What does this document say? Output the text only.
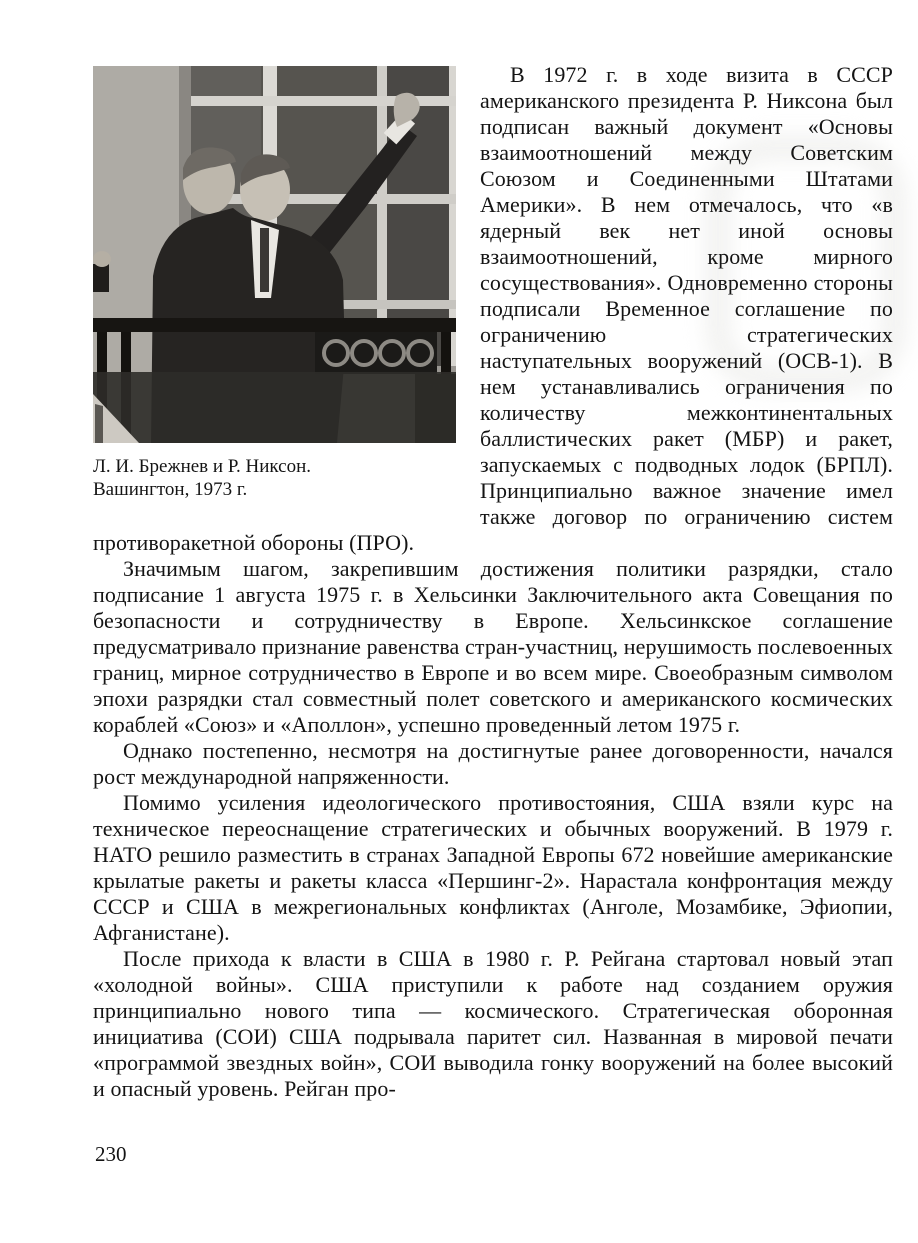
Л. И. Брежнев и Р. Никсон.
Вашингтон, 1973 г.

В 1972 г. в ходе визита в СССР американского президента Р. Никсона был подписан важный документ «Основы взаимоотношений между Советским Союзом и Соединенными Штатами Америки». В нем отмечалось, что «в ядерный век нет иной основы взаимоотношений, кроме мирного сосуществования». Одновременно стороны подписали Временное соглашение по ограничению стратегических наступательных вооружений (ОСВ-1). В нем устанавливались ограничения по количеству межконтинентальных баллистических ракет (МБР) и ракет, запускаемых с подводных лодок (БРПЛ). Принципиально важное значение имел также договор по ограничению систем противоракетной обороны (ПРО).

Значимым шагом, закрепившим достижения политики разрядки, стало подписание 1 августа 1975 г. в Хельсинки Заключительного акта Совещания по безопасности и сотрудничеству в Европе. Хельсинкское соглашение предусматривало признание равенства стран-участниц, нерушимость послевоенных границ, мирное сотрудничество в Европе и во всем мире. Своеобразным символом эпохи разрядки стал совместный полет советского и американского космических кораблей «Союз» и «Аполлон», успешно проведенный летом 1975 г.

Однако постепенно, несмотря на достигнутые ранее договоренности, начался рост международной напряженности.

Помимо усиления идеологического противостояния, США взяли курс на техническое переоснащение стратегических и обычных вооружений. В 1979 г. НАТО решило разместить в странах Западной Европы 672 новейшие американские крылатые ракеты и ракеты класса «Першинг-2». Нарастала конфронтация между СССР и США в межрегиональных конфликтах (Анголе, Мозамбике, Эфиопии, Афганистане).

После прихода к власти в США в 1980 г. Р. Рейгана стартовал новый этап «холодной войны». США приступили к работе над созданием оружия принципиально нового типа — космического. Стратегическая оборонная инициатива (СОИ) США подрывала паритет сил. Названная в мировой печати «программой звездных войн», СОИ выводила гонку вооружений на более высокий и опасный уровень. Рейган про-

230
